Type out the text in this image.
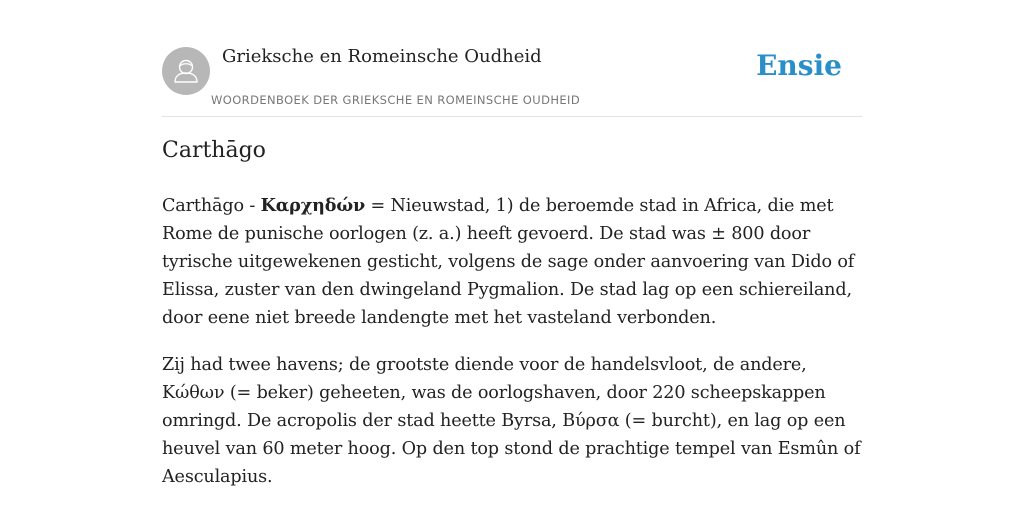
Grieksche en Romeinsche Oudheid
WOORDENBOEK DER GRIEKSCHE EN ROMEINSCHE OUDHEID
Ensie
Carthāgo

Carthāgo - Καρχηδών = Nieuwstad, 1) de beroemde stad in Africa, die met Rome de punische oorlogen (z. a.) heeft gevoerd. De stad was ± 800 door tyrische uitgewekenen gesticht, volgens de sage onder aanvoering van Dido of Elissa, zuster van den dwingeland Pygmalion. De stad lag op een schiereiland, door eene niet breede landengte met het vasteland verbonden.

Zij had twee havens; de grootste diende voor de handelsvloot, de andere, Κώθων (= beker) geheeten, was de oorlogshaven, door 220 scheepskappen omringd. De acropolis der stad heette Byrsa, Βύρσα (= burcht), en lag op een heuvel van 60 meter hoog. Op den top stond de prachtige tempel van Esmûn of Aesculapius.
